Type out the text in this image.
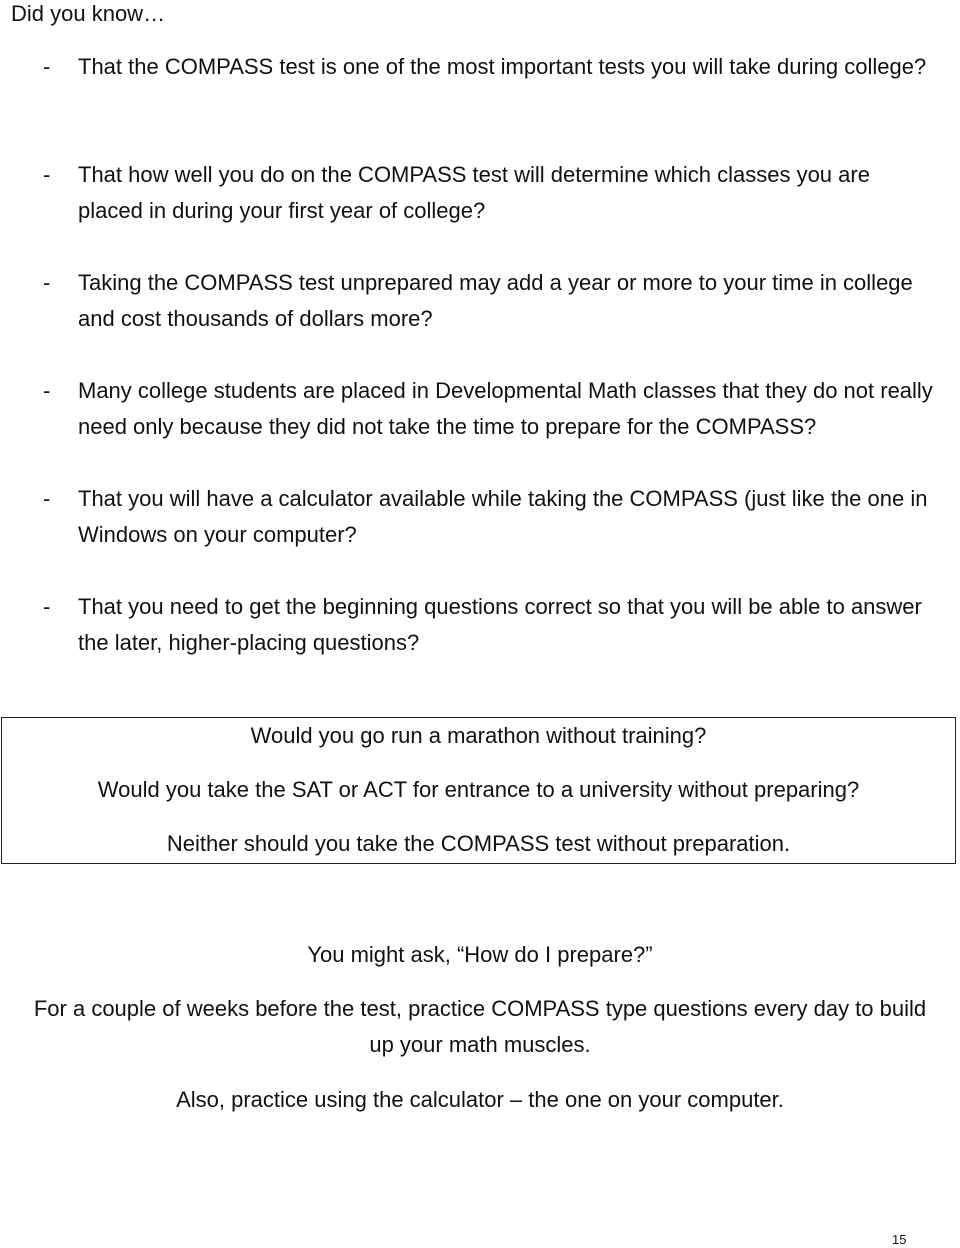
Did you know…
- That the COMPASS test is one of the most important tests you will take during college?
- That how well you do on the COMPASS test will determine which classes you are placed in during your first year of college?
- Taking the COMPASS test unprepared may add a year or more to your time in college and cost thousands of dollars more?
- Many college students are placed in Developmental Math classes that they do not really need only because they did not take the time to prepare for the COMPASS?
- That you will have a calculator available while taking the COMPASS (just like the one in Windows on your computer?
- That you need to get the beginning questions correct so that you will be able to answer the later, higher-placing questions?
Would you go run a marathon without training?
Would you take the SAT or ACT for entrance to a university without preparing?
Neither should you take the COMPASS test without preparation.
You might ask, “How do I prepare?”
For a couple of weeks before the test, practice COMPASS type questions every day to build up your math muscles.
Also, practice using the calculator – the one on your computer.
15
